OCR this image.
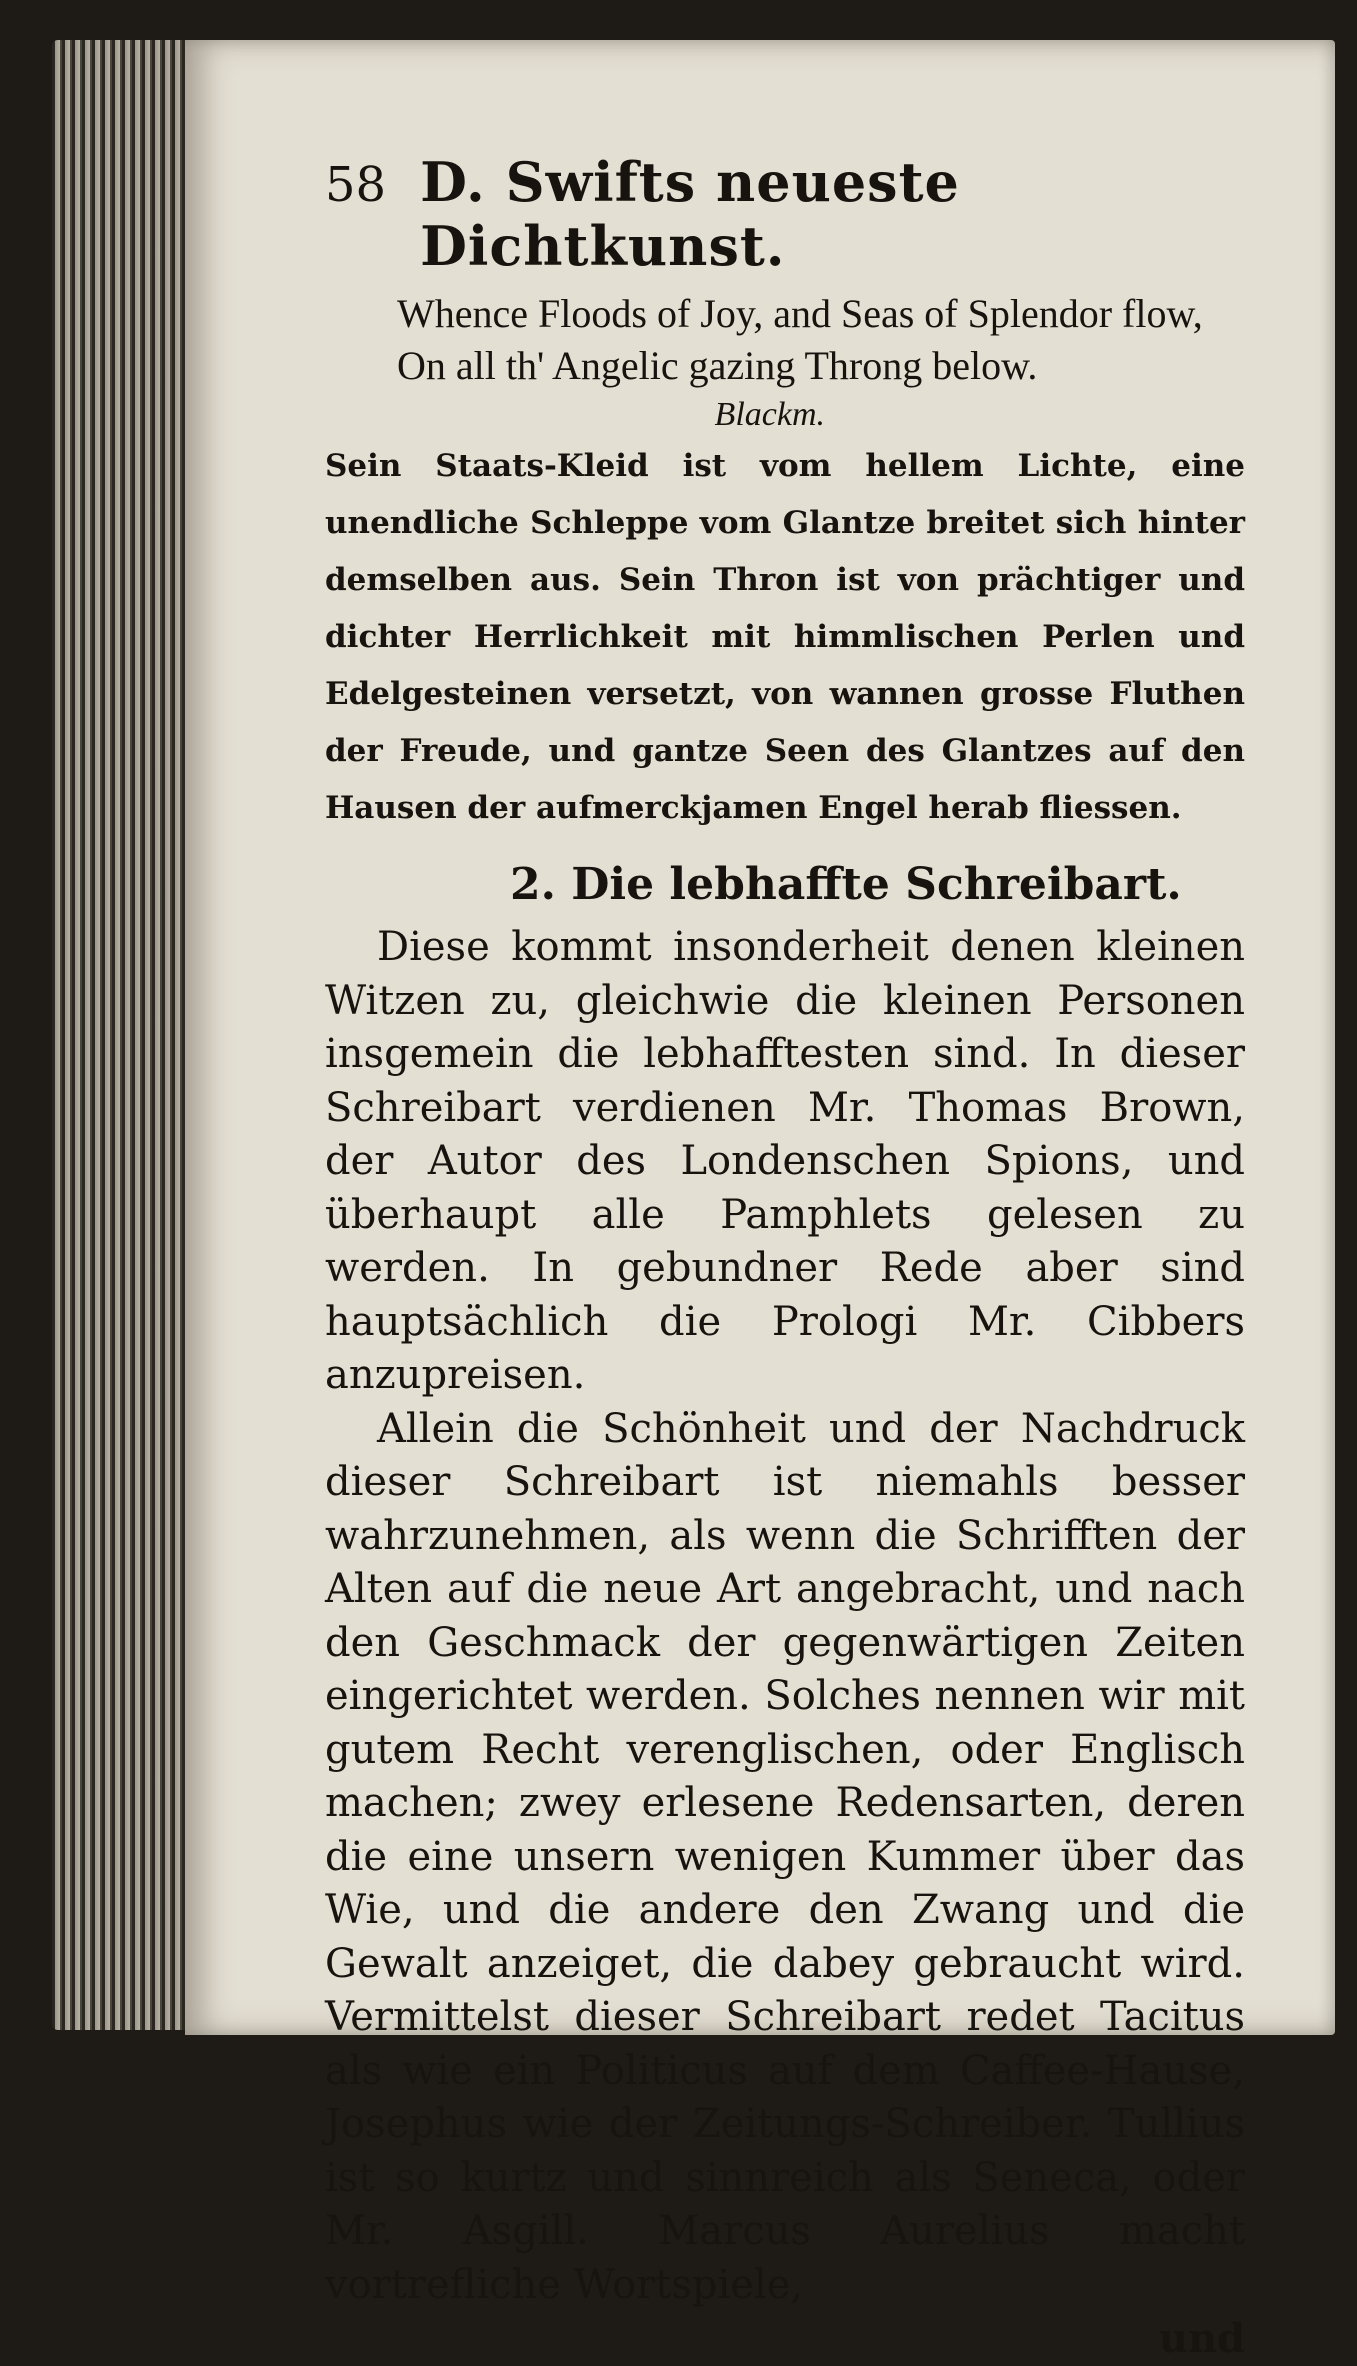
58 D. Swifts neueste Dichtkunst.
Whence Floods of Joy, and Seas of Splendor flow,
On all th' Angelic gazing Throng below.
Blackm.

Sein Staats-Kleid ist vom hellem Lichte, eine unendliche Schleppe vom Glantze breitet sich hinter demselben aus. Sein Thron ist von prächtiger und dichter Herrlichkeit mit himmlischen Perlen und Edelgesteinen versetzt, von wannen grosse Fluthen der Freude, und gantze Seen des Glantzes auf den Hausen der aufmerckjamen Engel herab fliessen.

2. Die lebhaffte Schreibart.

Diese kommt insonderheit denen kleinen Witzen zu, gleichwie die kleinen Personen insgemein die lebhafftesten sind. In dieser Schreibart verdienen Mr. Thomas Brown, der Autor des Londenschen Spions, und überhaupt alle Pamphlets gelesen zu werden. In gebundner Rede aber sind hauptsächlich die Prologi Mr. Cibbers anzupreisen.

Allein die Schönheit und der Nachdruck dieser Schreibart ist niemahls besser wahrzunehmen, als wenn die Schrifften der Alten auf die neue Art angebracht, und nach den Geschmack der gegenwärtigen Zeiten eingerichtet werden. Solches nennen wir mit gutem Recht verenglischen, oder Englisch machen; zwey erlesene Redensarten, deren die eine unsern wenigen Kummer über das Wie, und die andere den Zwang und die Gewalt anzeiget, die dabey gebraucht wird. Vermittelst dieser Schreibart redet Tacitus als wie ein Politicus auf dem Caffee-Hause, Josephus wie der Zeitungs-Schreiber. Tullius ist so kurtz und sinnreich als Seneca, oder Mr. Asgill. Marcus Aurelius macht vortrefliche Wortspiele,

und
